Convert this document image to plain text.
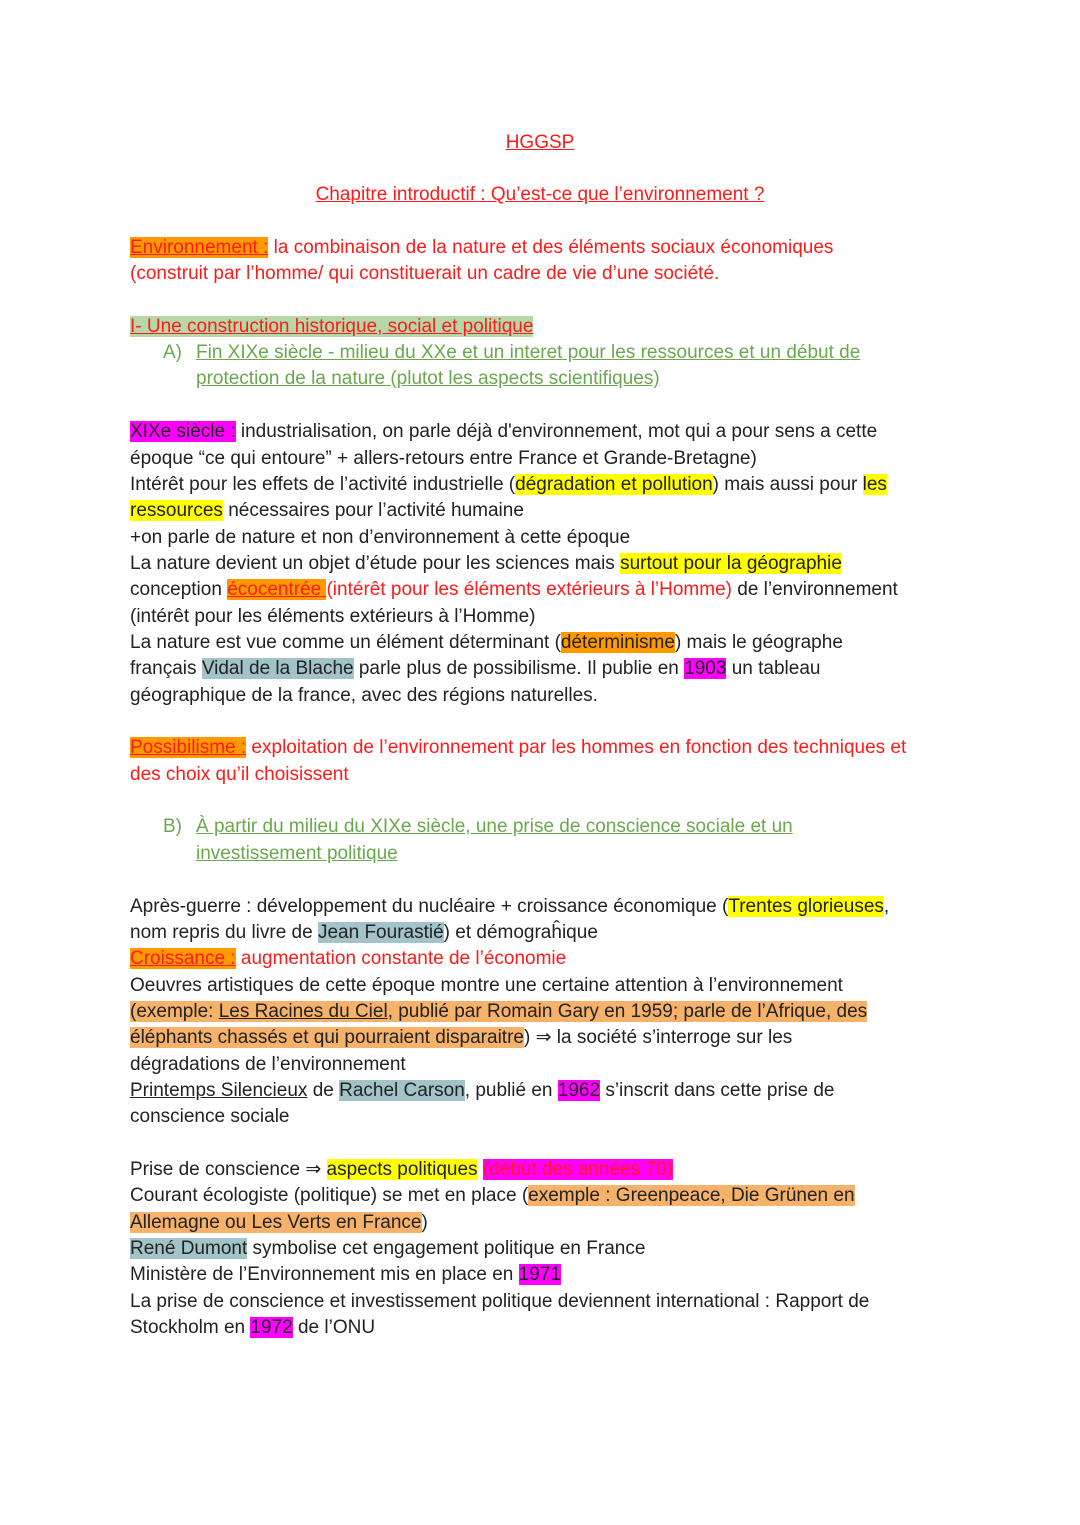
HGGSP
Chapitre introductif : Qu’est-ce que l’environnement ?
Environnement : la combinaison de la nature et des éléments sociaux économiques
(construit par l’homme/ qui constituerait un cadre de vie d’une société.
I- Une construction historique, social et politique
A) Fin XIXe siècle - milieu du XXe et un interet pour les ressources et un début de
protection de la nature (plutot les aspects scientifiques)
XIXe siècle : industrialisation, on parle déjà d'environnement, mot qui a pour sens a cette
époque “ce qui entoure” + allers-retours entre France et Grande-Bretagne)
Intérêt pour les effets de l’activité industrielle (dégradation et pollution) mais aussi pour les
ressources nécessaires pour l’activité humaine
+on parle de nature et non d’environnement à cette époque
La nature devient un objet d’étude pour les sciences mais surtout pour la géographie
conception écocentrée (intérêt pour les éléments extérieurs à l’Homme) de l’environnement
(intérêt pour les éléments extérieurs à l’Homme)
La nature est vue comme un élément déterminant (déterminisme) mais le géographe
français Vidal de la Blache parle plus de possibilisme. Il publie en 1903 un tableau
géographique de la france, avec des régions naturelles.
Possibilisme : exploitation de l’environnement par les hommes en fonction des techniques et
des choix qu’il choisissent
B) À partir du milieu du XIXe siècle, une prise de conscience sociale et un
investissement politique
Après-guerre : développement du nucléaire + croissance économique (Trentes glorieuses,
nom repris du livre de Jean Fourastié) et démograĥique
Croissance : augmentation constante de l’économie
Oeuvres artistiques de cette époque montre une certaine attention à l’environnement
(exemple: Les Racines du Ciel, publié par Romain Gary en 1959; parle de l’Afrique, des
éléphants chassés et qui pourraient disparaitre) ⇒ la société s’interroge sur les
dégradations de l’environnement
Printemps Silencieux de Rachel Carson, publié en 1962 s’inscrit dans cette prise de
conscience sociale
Prise de conscience ⇒ aspects politiques (début des années 70)
Courant écologiste (politique) se met en place (exemple : Greenpeace, Die Grünen en
Allemagne ou Les Verts en France)
René Dumont symbolise cet engagement politique en France
Ministère de l’Environnement mis en place en 1971
La prise de conscience et investissement politique deviennent international : Rapport de
Stockholm en 1972 de l’ONU
